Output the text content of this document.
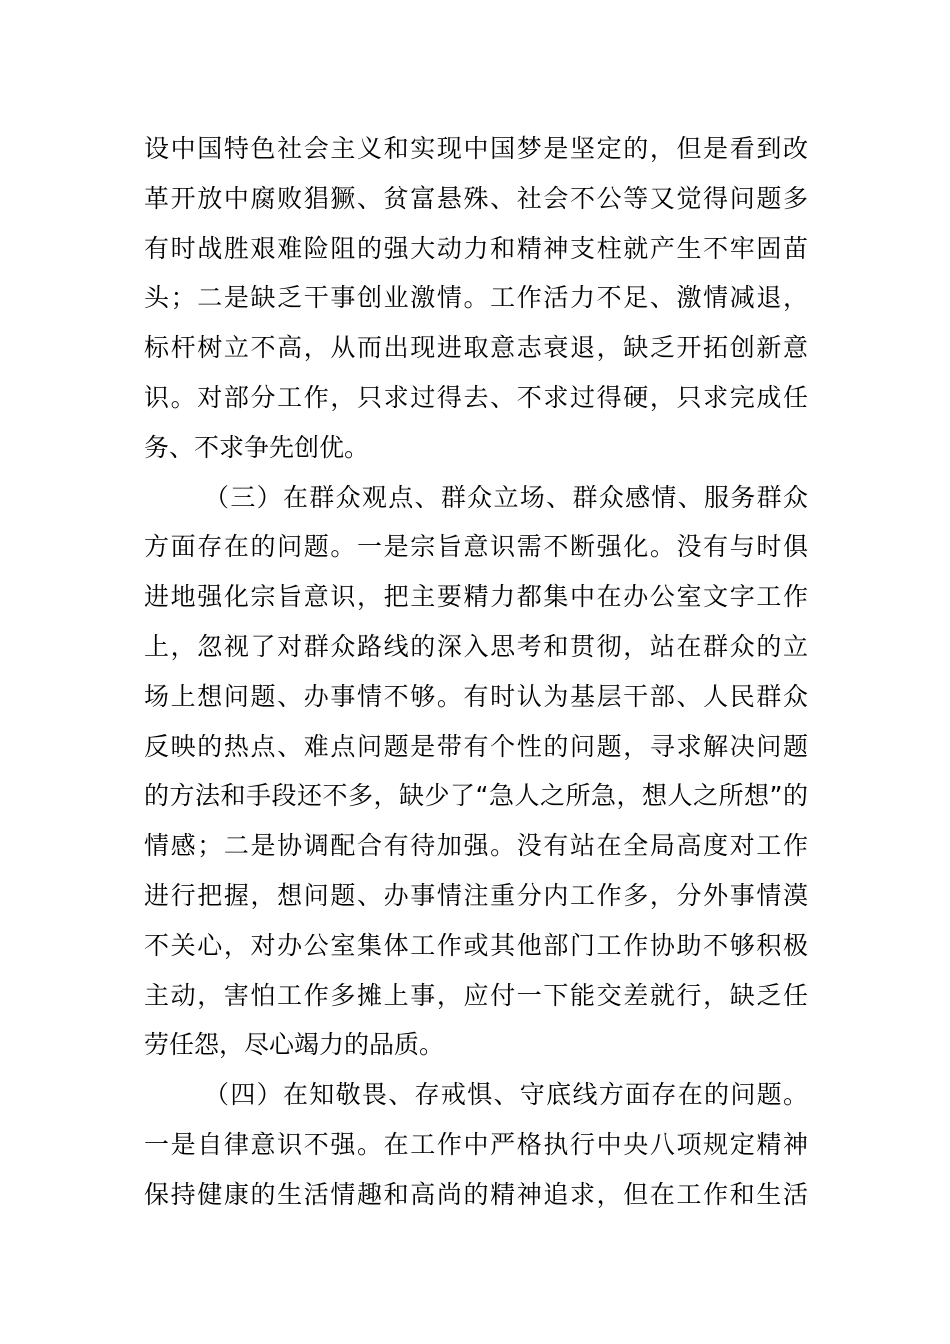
设中国特色社会主义和实现中国梦是坚定的，但是看到改
革开放中腐败猖獗、贫富悬殊、社会不公等又觉得问题多
有时战胜艰难险阻的强大动力和精神支柱就产生不牢固苗
头；二是缺乏干事创业激情。工作活力不足、激情减退，
标杆树立不高，从而出现进取意志衰退，缺乏开拓创新意
识。对部分工作，只求过得去、不求过得硬，只求完成任
务、不求争先创优。
（三）在群众观点、群众立场、群众感情、服务群众
方面存在的问题。一是宗旨意识需不断强化。没有与时俱
进地强化宗旨意识，把主要精力都集中在办公室文字工作
上，忽视了对群众路线的深入思考和贯彻，站在群众的立
场上想问题、办事情不够。有时认为基层干部、人民群众
反映的热点、难点问题是带有个性的问题，寻求解决问题
的方法和手段还不多，缺少了“急人之所急，想人之所想”的
情感；二是协调配合有待加强。没有站在全局高度对工作
进行把握，想问题、办事情注重分内工作多，分外事情漠
不关心，对办公室集体工作或其他部门工作协助不够积极
主动，害怕工作多摊上事，应付一下能交差就行，缺乏任
劳任怨，尽心竭力的品质。
（四）在知敬畏、存戒惧、守底线方面存在的问题。
一是自律意识不强。在工作中严格执行中央八项规定精神
保持健康的生活情趣和高尚的精神追求，但在工作和生活
